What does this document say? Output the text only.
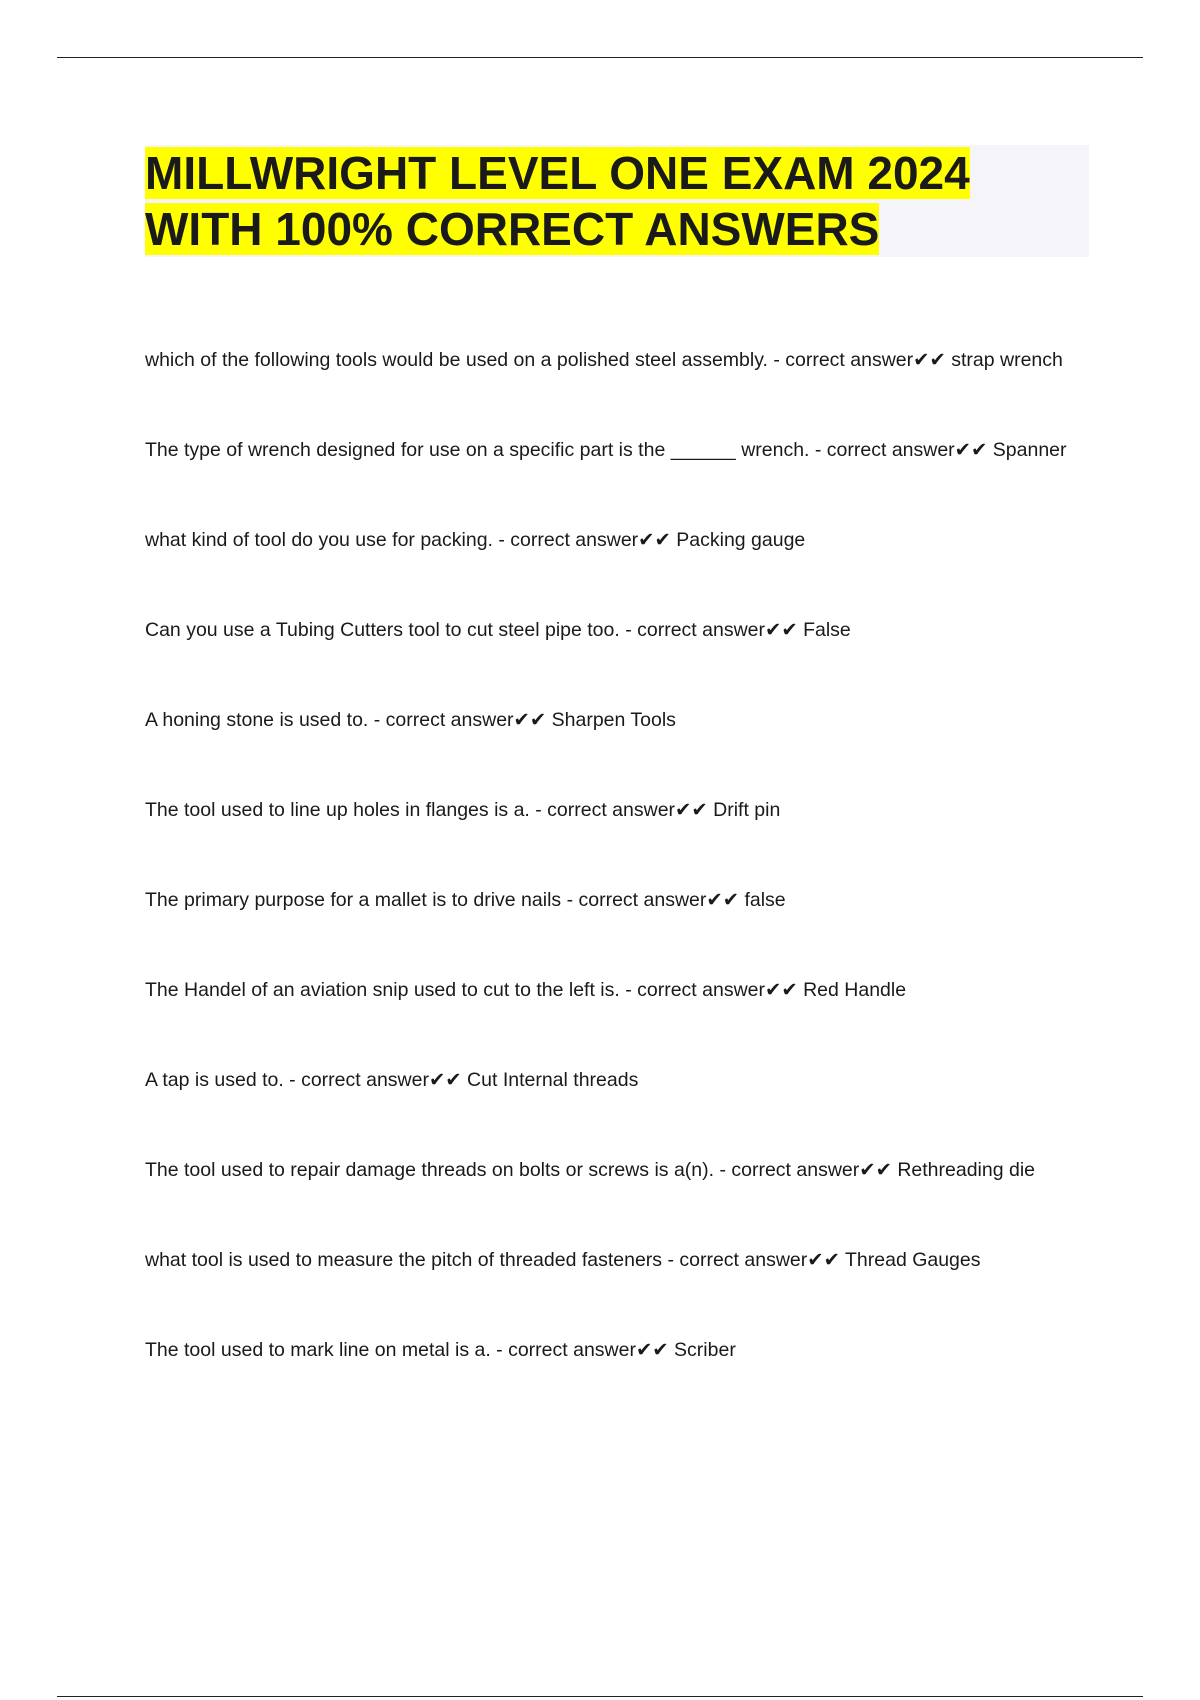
MILLWRIGHT LEVEL ONE EXAM 2024
WITH 100% CORRECT ANSWERS
which of the following tools would be used on a polished steel assembly. - correct answer✔✔ strap wrench
The type of wrench designed for use on a specific part is the ______ wrench. - correct answer✔✔ Spanner
what kind of tool do you use for packing. - correct answer✔✔ Packing gauge
Can you use a Tubing Cutters tool to cut steel pipe too. - correct answer✔✔ False
A honing stone is used to. - correct answer✔✔ Sharpen Tools
The tool used to line up holes in flanges is a. - correct answer✔✔ Drift pin
The primary purpose for a mallet is to drive nails - correct answer✔✔ false
The Handel of an aviation snip used to cut to the left is. - correct answer✔✔ Red Handle
A tap is used to. - correct answer✔✔ Cut Internal threads
The tool used to repair damage threads on bolts or screws is a(n). - correct answer✔✔ Rethreading die
what tool is used to measure the pitch of threaded fasteners - correct answer✔✔ Thread Gauges
The tool used to mark line on metal is a. - correct answer✔✔ Scriber
